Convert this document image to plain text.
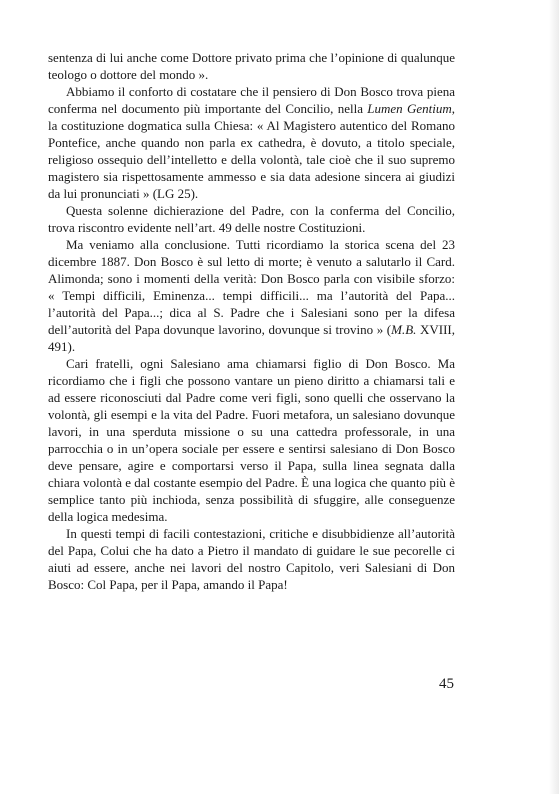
sentenza di lui anche come Dottore privato prima che l’opinione di qualunque teologo o dottore del mondo ».

Abbiamo il conforto di costatare che il pensiero di Don Bosco trova piena conferma nel documento più importante del Concilio, nella Lumen Gentium, la costituzione dogmatica sulla Chiesa: « Al Magistero autentico del Romano Pontefice, anche quando non parla ex cathedra, è dovuto, a titolo speciale, religioso ossequio dell’intelletto e della volontà, tale cioè che il suo supremo magistero sia rispettosamente ammesso e sia data adesione sincera ai giudizi da lui pronunciati » (LG 25).

Questa solenne dichierazione del Padre, con la conferma del Concilio, trova riscontro evidente nell’art. 49 delle nostre Costituzioni.

Ma veniamo alla conclusione. Tutti ricordiamo la storica scena del 23 dicembre 1887. Don Bosco è sul letto di morte; è venuto a salutarlo il Card. Alimonda; sono i momenti della verità: Don Bosco parla con visibile sforzo: « Tempi difficili, Eminenza... tempi difficili... ma l’autorità del Papa... l’autorità del Papa...; dica al S. Padre che i Salesiani sono per la difesa dell’autorità del Papa dovunque lavorino, dovunque si trovino » (M.B. XVIII, 491).

Cari fratelli, ogni Salesiano ama chiamarsi figlio di Don Bosco. Ma ricordiamo che i figli che possono vantare un pieno diritto a chiamarsi tali e ad essere riconosciuti dal Padre come veri figli, sono quelli che osservano la volontà, gli esempi e la vita del Padre. Fuori metafora, un salesiano dovunque lavori, in una sperduta missione o su una cattedra professorale, in una parrocchia o in un’opera sociale per essere e sentirsi salesiano di Don Bosco deve pensare, agire e comportarsi verso il Papa, sulla linea segnata dalla chiara volontà e dal costante esempio del Padre. È una logica che quanto più è semplice tanto più inchioda, senza possibilità di sfuggire, alle conseguenze della logica medesima.

In questi tempi di facili contestazioni, critiche e disubbidienze all’autorità del Papa, Colui che ha dato a Pietro il mandato di guidare le sue pecorelle ci aiuti ad essere, anche nei lavori del nostro Capitolo, veri Salesiani di Don Bosco: Col Papa, per il Papa, amando il Papa!

45
